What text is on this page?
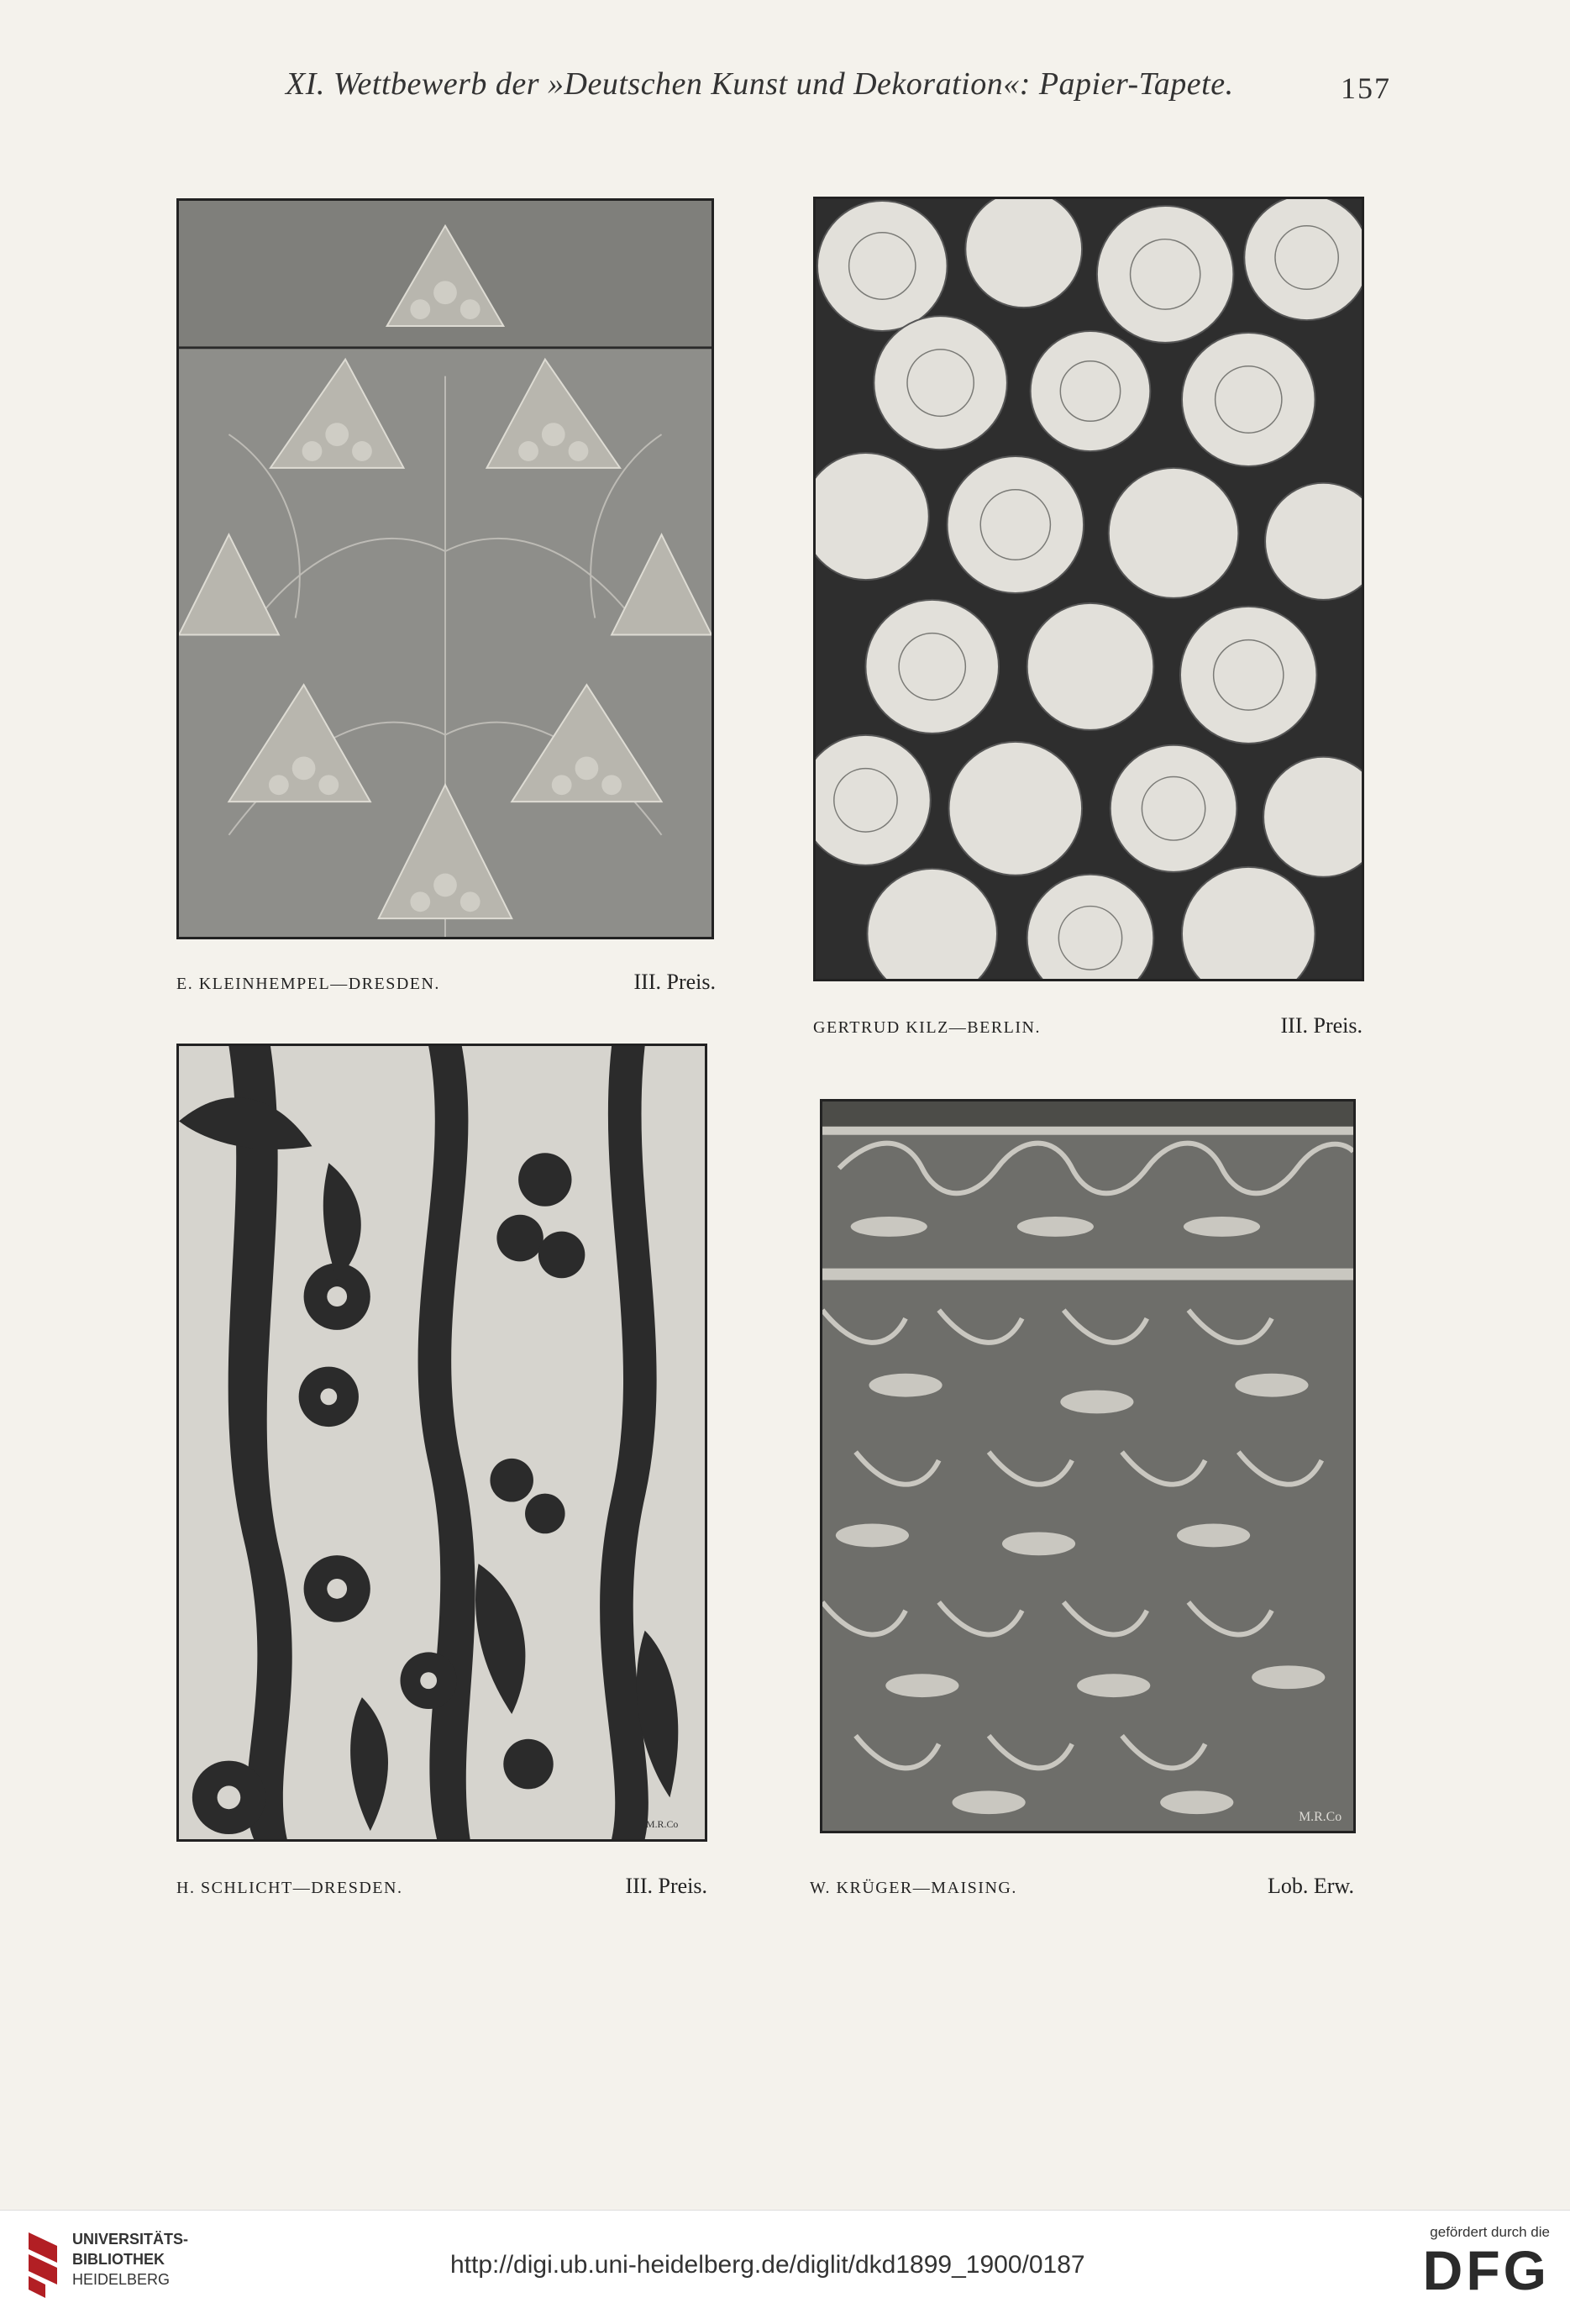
XI. Wettbewerb der »Deutschen Kunst und Dekoration«: Papier-Tapete.	157
E. KLEINHEMPEL—DRESDEN.	III. Preis.
GERTRUD KILZ—BERLIN.	III. Preis.
M.R.Co
H. SCHLICHT—DRESDEN.	III. Preis.
M.R.Co
W. KRÜGER—MAISING.	Lob. Erw.
UNIVERSITÄTS-
BIBLIOTHEK
HEIDELBERG
http://digi.ub.uni-heidelberg.de/diglit/dkd1899_1900/0187
gefördert durch die
DFG
